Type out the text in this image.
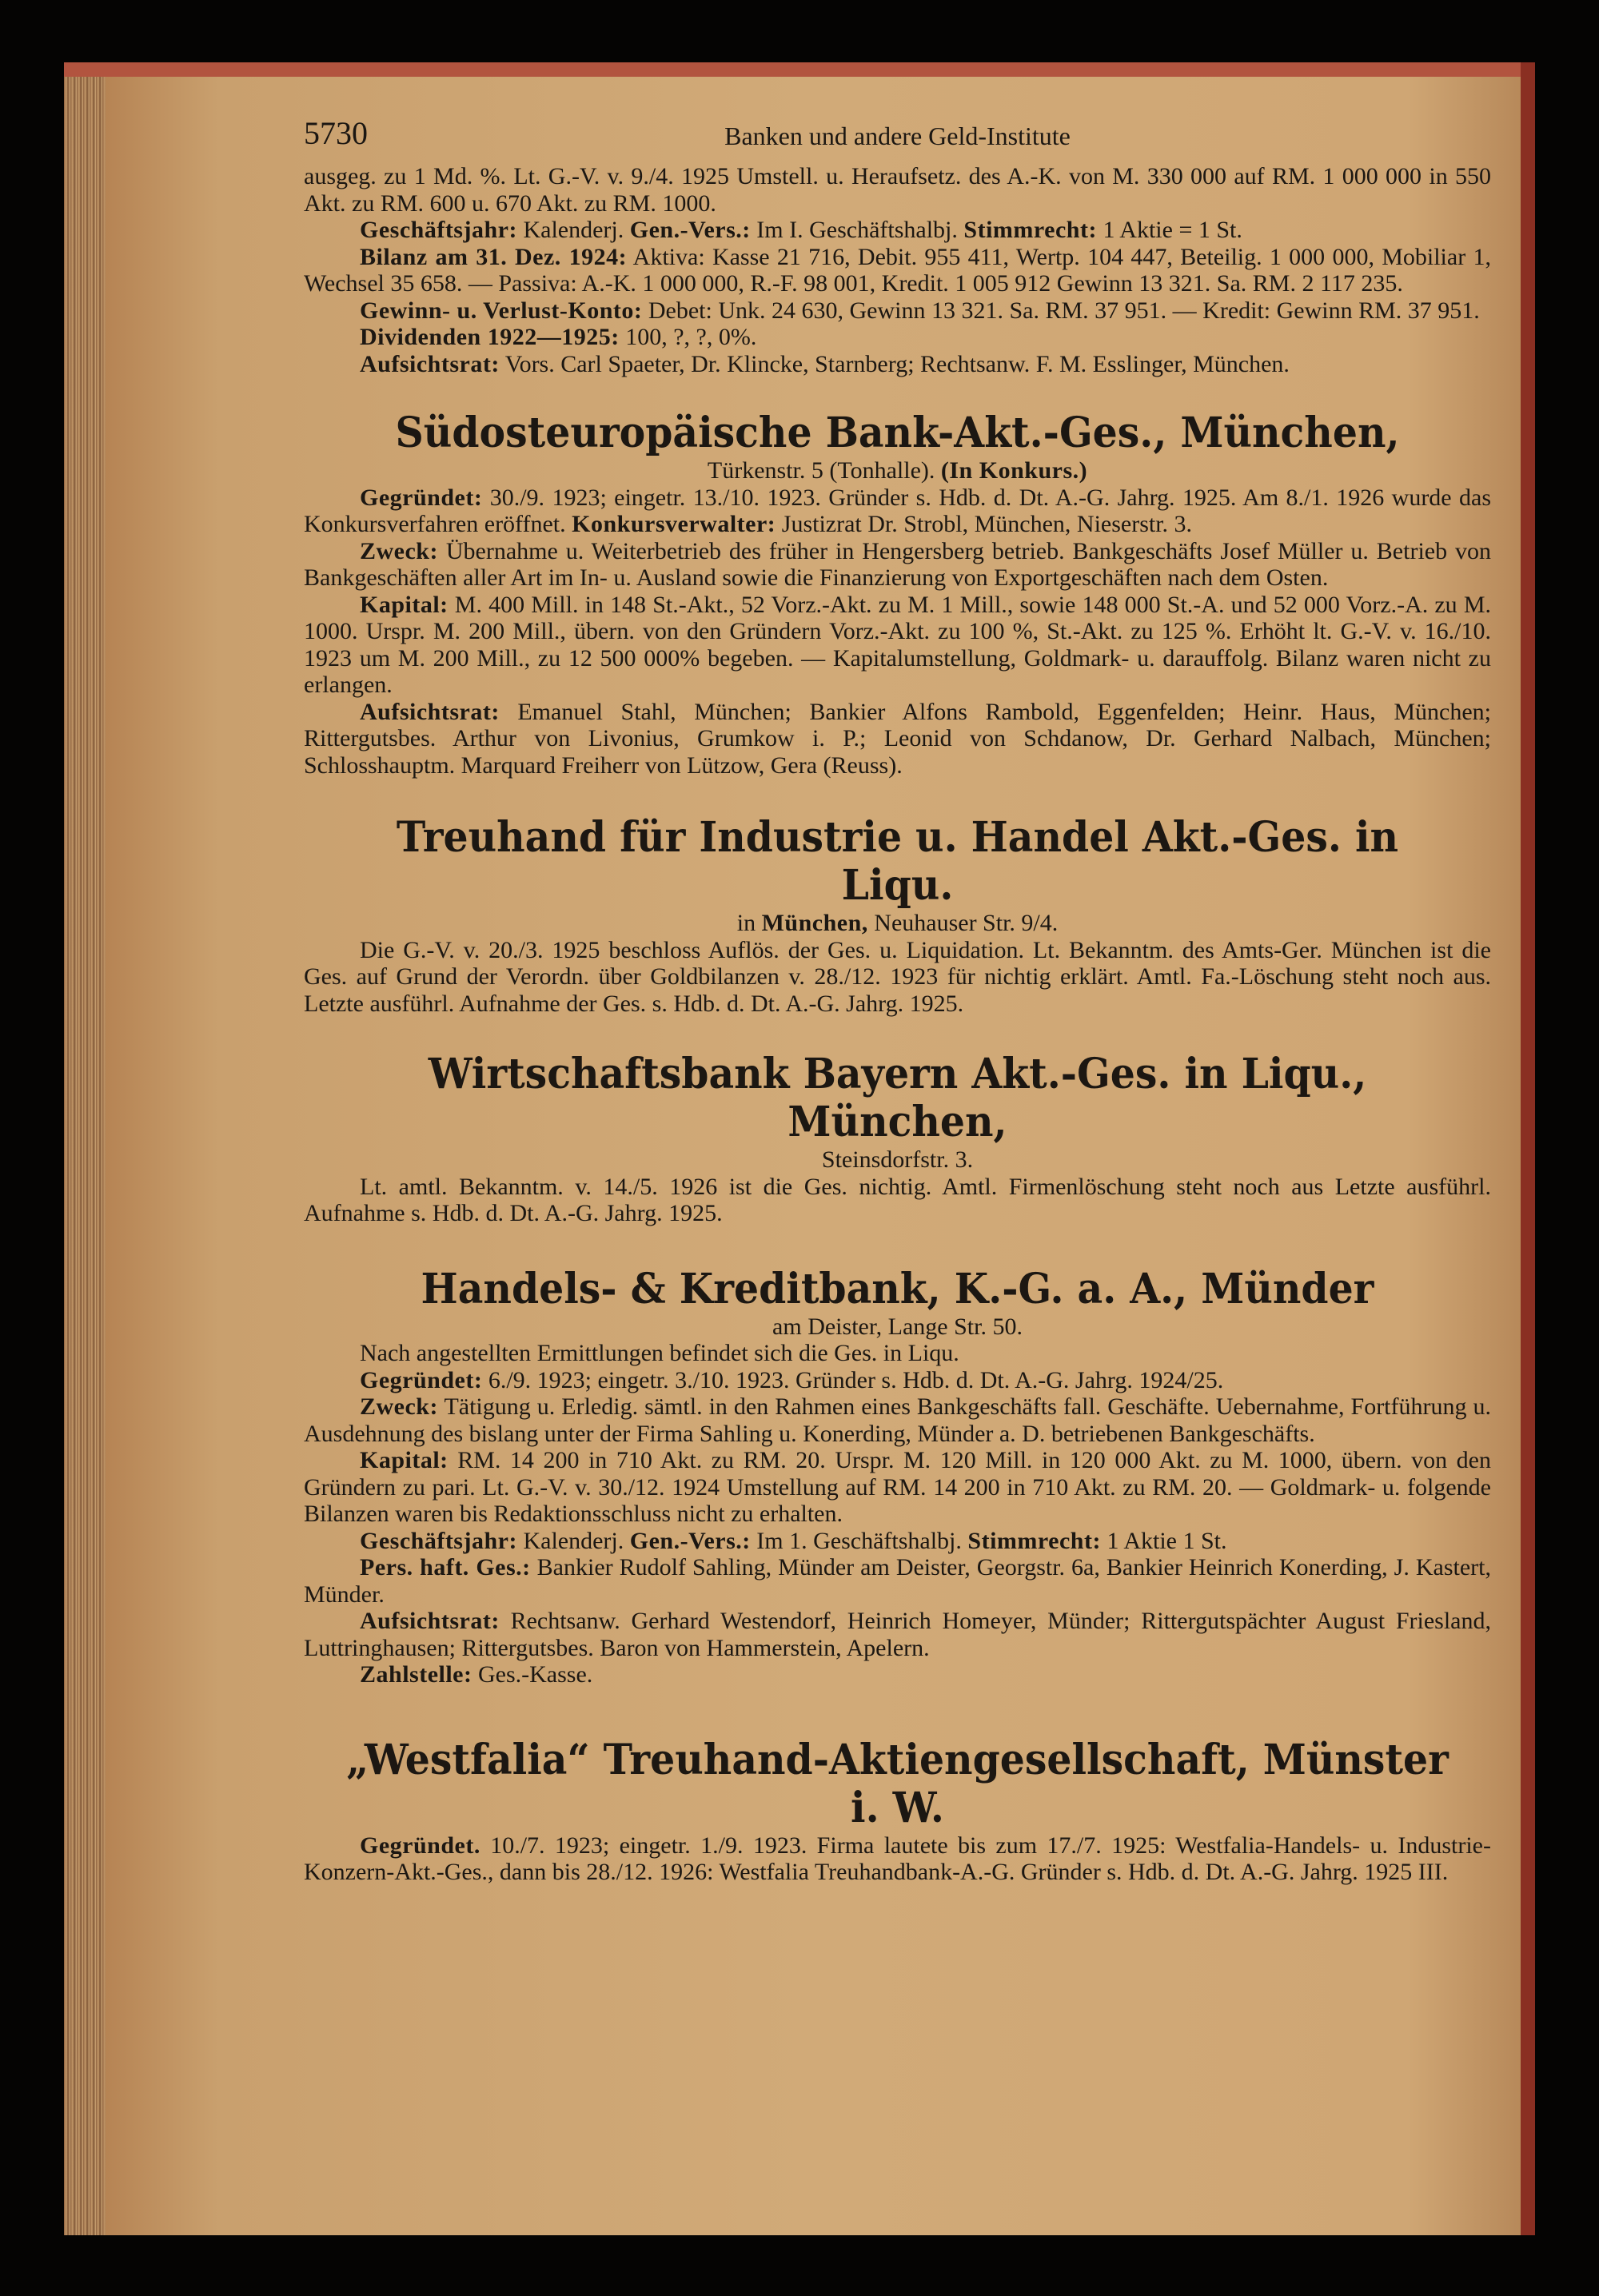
5730	Banken und andere Geld-Institute

ausgeg. zu 1 Md. %. Lt. G.-V. v. 9./4. 1925 Umstell. u. Heraufsetz. des A.-K. von M. 330 000 auf RM. 1 000 000 in 550 Akt. zu RM. 600 u. 670 Akt. zu RM. 1000.

Geschäftsjahr: Kalenderj. Gen.-Vers.: Im I. Geschäftshalbj. Stimmrecht: 1 Aktie = 1 St.

Bilanz am 31. Dez. 1924: Aktiva: Kasse 21 716, Debit. 955 411, Wertp. 104 447, Beteilig. 1 000 000, Mobiliar 1, Wechsel 35 658. — Passiva: A.-K. 1 000 000, R.-F. 98 001, Kredit. 1 005 912 Gewinn 13 321. Sa. RM. 2 117 235.

Gewinn- u. Verlust-Konto: Debet: Unk. 24 630, Gewinn 13 321. Sa. RM. 37 951. — Kredit: Gewinn RM. 37 951.

Dividenden 1922—1925: 100, ?, ?, 0%.

Aufsichtsrat: Vors. Carl Spaeter, Dr. Klincke, Starnberg; Rechtsanw. F. M. Esslinger, München.

Südosteuropäische Bank-Akt.-Ges., München,

Türkenstr. 5 (Tonhalle). (In Konkurs.)

Gegründet: 30./9. 1923; eingetr. 13./10. 1923. Gründer s. Hdb. d. Dt. A.-G. Jahrg. 1925. Am 8./1. 1926 wurde das Konkursverfahren eröffnet. Konkursverwalter: Justizrat Dr. Strobl, München, Nieserstr. 3.

Zweck: Übernahme u. Weiterbetrieb des früher in Hengersberg betrieb. Bankgeschäfts Josef Müller u. Betrieb von Bankgeschäften aller Art im In- u. Ausland sowie die Finanzierung von Exportgeschäften nach dem Osten.

Kapital: M. 400 Mill. in 148 St.-Akt., 52 Vorz.-Akt. zu M. 1 Mill., sowie 148 000 St.-A. und 52 000 Vorz.-A. zu M. 1000. Urspr. M. 200 Mill., übern. von den Gründern Vorz.-Akt. zu 100 %, St.-Akt. zu 125 %. Erhöht lt. G.-V. v. 16./10. 1923 um M. 200 Mill., zu 12 500 000% begeben. — Kapitalumstellung, Goldmark- u. darauffolg. Bilanz waren nicht zu erlangen.

Aufsichtsrat: Emanuel Stahl, München; Bankier Alfons Rambold, Eggenfelden; Heinr. Haus, München; Rittergutsbes. Arthur von Livonius, Grumkow i. P.; Leonid von Schdanow, Dr. Gerhard Nalbach, München; Schlosshauptm. Marquard Freiherr von Lützow, Gera (Reuss).

Treuhand für Industrie u. Handel Akt.-Ges. in Liqu.

in München, Neuhauser Str. 9/4.

Die G.-V. v. 20./3. 1925 beschloss Auflös. der Ges. u. Liquidation. Lt. Bekanntm. des Amts-Ger. München ist die Ges. auf Grund der Verordn. über Goldbilanzen v. 28./12. 1923 für nichtig erklärt. Amtl. Fa.-Löschung steht noch aus. Letzte ausführl. Aufnahme der Ges. s. Hdb. d. Dt. A.-G. Jahrg. 1925.

Wirtschaftsbank Bayern Akt.-Ges. in Liqu., München,

Steinsdorfstr. 3.

Lt. amtl. Bekanntm. v. 14./5. 1926 ist die Ges. nichtig. Amtl. Firmenlöschung steht noch aus Letzte ausführl. Aufnahme s. Hdb. d. Dt. A.-G. Jahrg. 1925.

Handels- & Kreditbank, K.-G. a. A., Münder

am Deister, Lange Str. 50.

Nach angestellten Ermittlungen befindet sich die Ges. in Liqu.

Gegründet: 6./9. 1923; eingetr. 3./10. 1923. Gründer s. Hdb. d. Dt. A.-G. Jahrg. 1924/25.

Zweck: Tätigung u. Erledig. sämtl. in den Rahmen eines Bankgeschäfts fall. Geschäfte. Uebernahme, Fortführung u. Ausdehnung des bislang unter der Firma Sahling u. Konerding, Münder a. D. betriebenen Bankgeschäfts.

Kapital: RM. 14 200 in 710 Akt. zu RM. 20. Urspr. M. 120 Mill. in 120 000 Akt. zu M. 1000, übern. von den Gründern zu pari. Lt. G.-V. v. 30./12. 1924 Umstellung auf RM. 14 200 in 710 Akt. zu RM. 20. — Goldmark- u. folgende Bilanzen waren bis Redaktionsschluss nicht zu erhalten.

Geschäftsjahr: Kalenderj. Gen.-Vers.: Im 1. Geschäftshalbj. Stimmrecht: 1 Aktie 1 St.

Pers. haft. Ges.: Bankier Rudolf Sahling, Münder am Deister, Georgstr. 6a, Bankier Heinrich Konerding, J. Kastert, Münder.

Aufsichtsrat: Rechtsanw. Gerhard Westendorf, Heinrich Homeyer, Münder; Rittergutspächter August Friesland, Luttringhausen; Rittergutsbes. Baron von Hammerstein, Apelern.

Zahlstelle: Ges.-Kasse.

„Westfalia“ Treuhand-Aktiengesellschaft, Münster i. W.

Gegründet. 10./7. 1923; eingetr. 1./9. 1923. Firma lautete bis zum 17./7. 1925: Westfalia-Handels- u. Industrie-Konzern-Akt.-Ges., dann bis 28./12. 1926: Westfalia Treuhandbank-A.-G. Gründer s. Hdb. d. Dt. A.-G. Jahrg. 1925 III.
